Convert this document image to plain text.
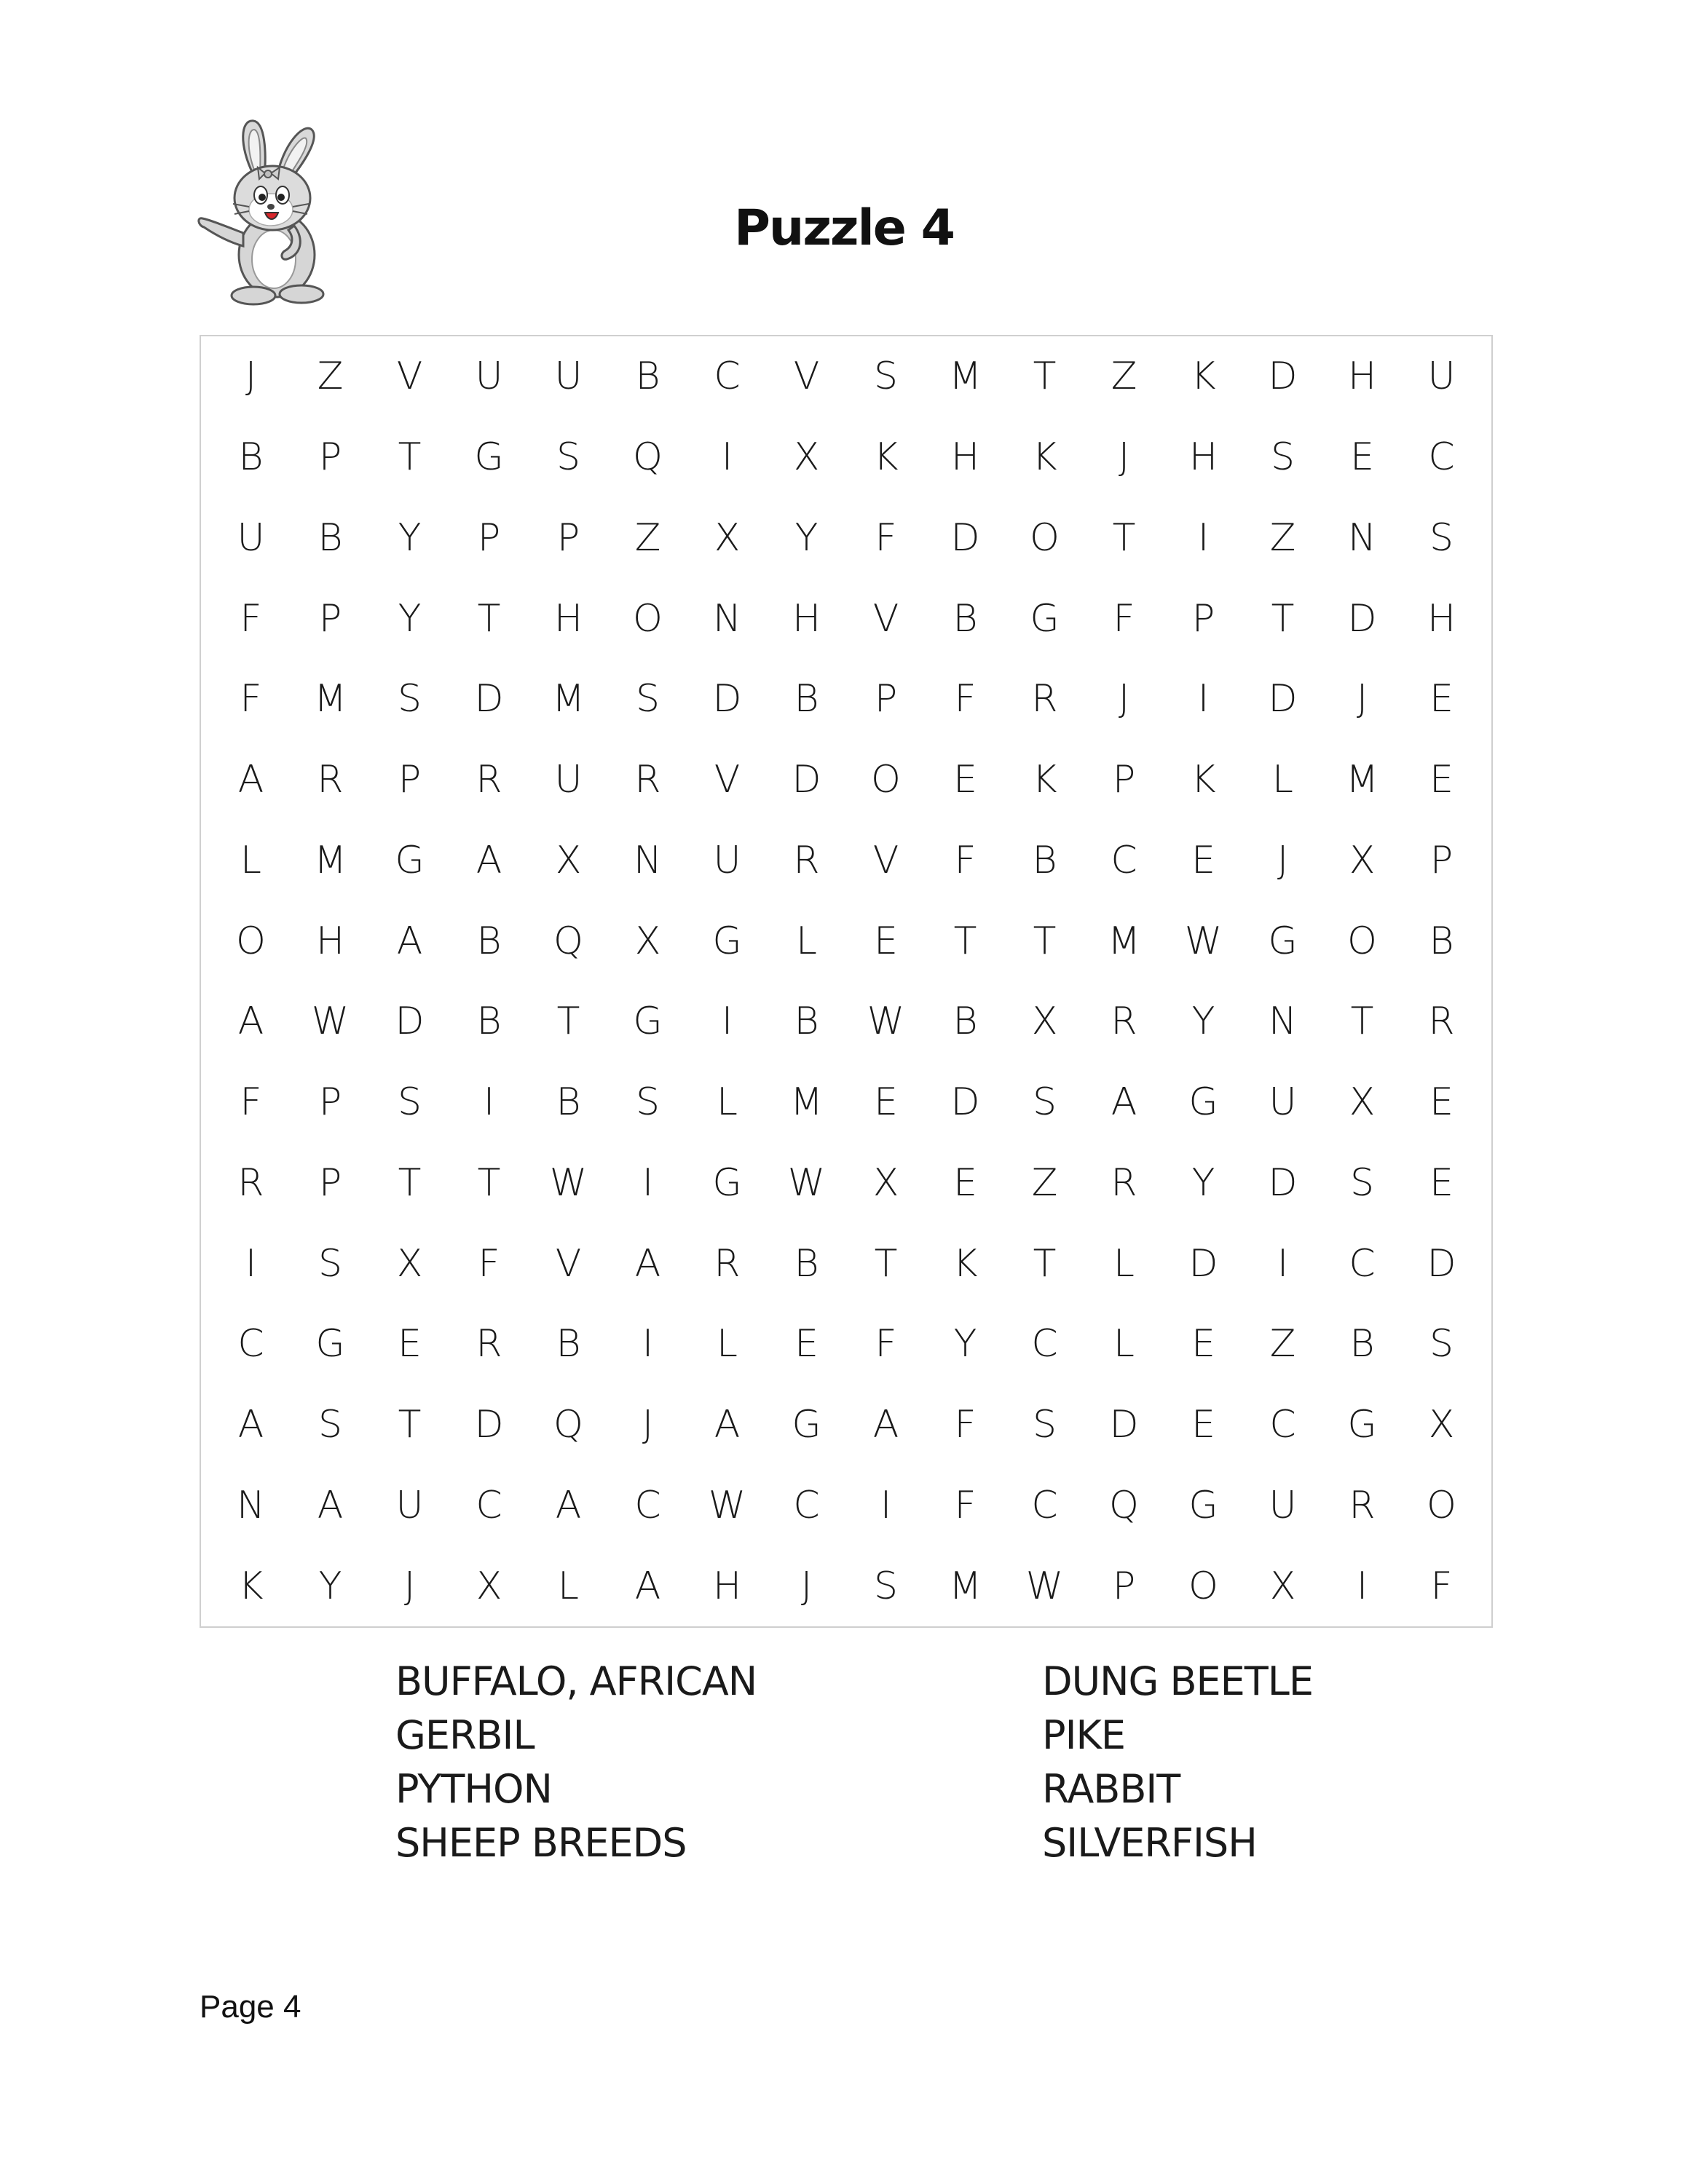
Puzzle 4
J	Z	V	U	U	B	C	V	S	M	T	Z	K	D	H	U
B	P	T	G	S	Q	I	X	K	H	K	J	H	S	E	C
U	B	Y	P	P	Z	X	Y	F	D	O	T	I	Z	N	S
F	P	Y	T	H	O	N	H	V	B	G	F	P	T	D	H
F	M	S	D	M	S	D	B	P	F	R	J	I	D	J	E
A	R	P	R	U	R	V	D	O	E	K	P	K	L	M	E
L	M	G	A	X	N	U	R	V	F	B	C	E	J	X	P
O	H	A	B	Q	X	G	L	E	T	T	M	W	G	O	B
A	W	D	B	T	G	I	B	W	B	X	R	Y	N	T	R
F	P	S	I	B	S	L	M	E	D	S	A	G	U	X	E
R	P	T	T	W	I	G	W	X	E	Z	R	Y	D	S	E
I	S	X	F	V	A	R	B	T	K	T	L	D	I	C	D
C	G	E	R	B	I	L	E	F	Y	C	L	E	Z	B	S
A	S	T	D	Q	J	A	G	A	F	S	D	E	C	G	X
N	A	U	C	A	C	W	C	I	F	C	Q	G	U	R	O
K	Y	J	X	L	A	H	J	S	M	W	P	O	X	I	F
BUFFALO, AFRICAN
GERBIL
PYTHON
SHEEP BREEDS
DUNG BEETLE
PIKE
RABBIT
SILVERFISH
Page 4
